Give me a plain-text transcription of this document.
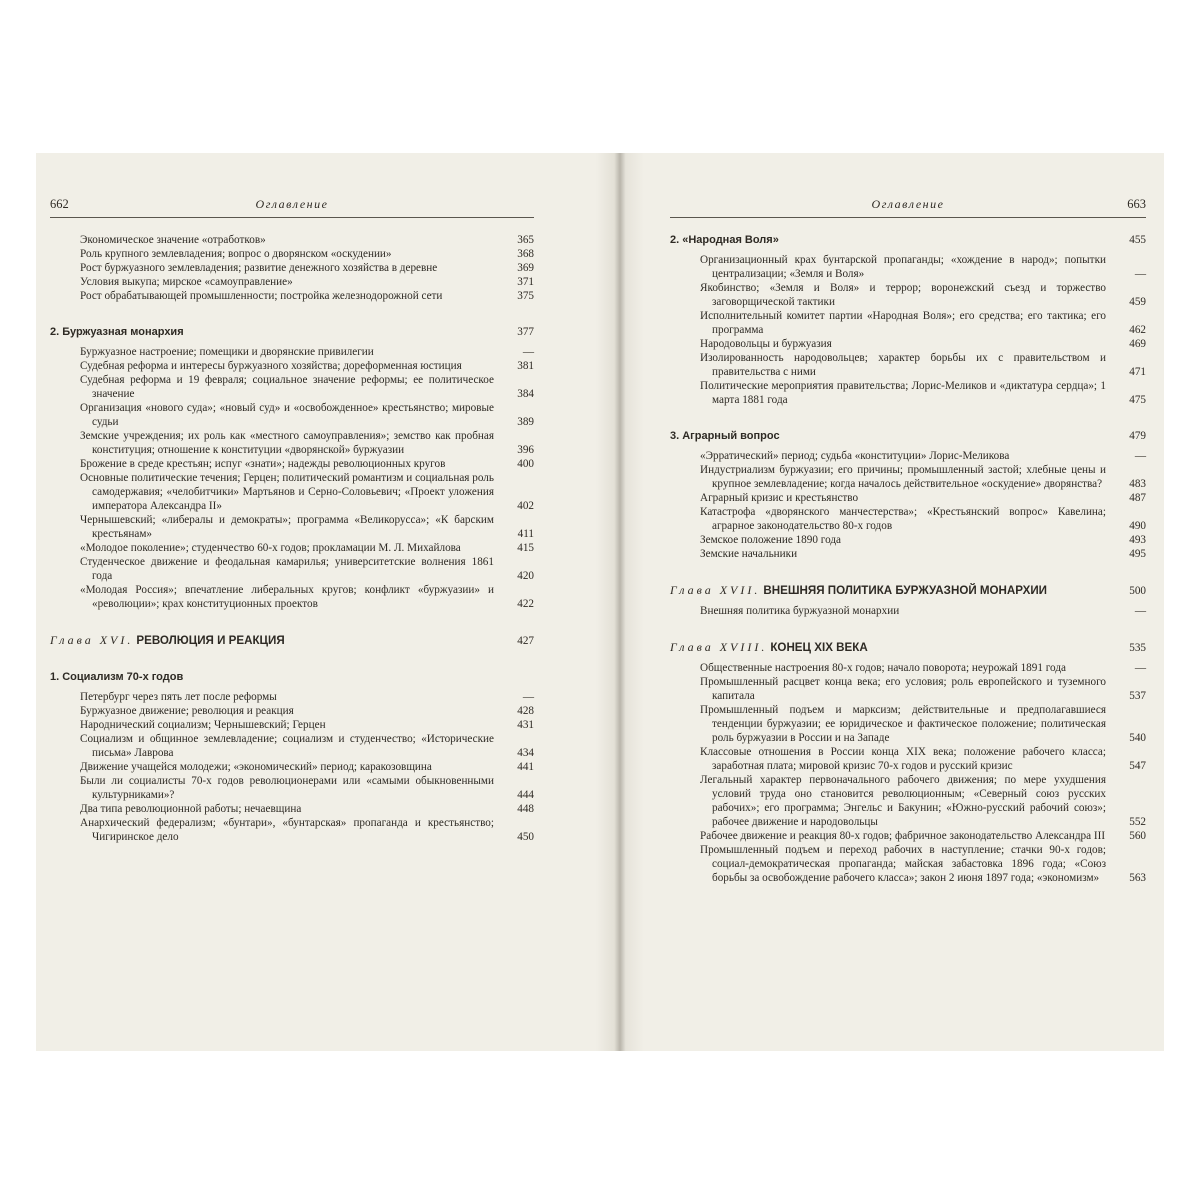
662	Оглавление
Экономическое значение «отработков»	365
Роль крупного землевладения; вопрос о дворянском «оскудении»	368
Рост буржуазного землевладения; развитие денежного хозяйства в деревне	369
Условия выкупа; мирское «самоуправление»	371
Рост обрабатывающей промышленности; постройка железнодорожной сети	375
2. Буржуазная монархия	377
Буржуазное настроение; помещики и дворянские привилегии	—
Судебная реформа и интересы буржуазного хозяйства; дореформенная юстиция	381
Судебная реформа и 19 февраля; социальное значение реформы; ее политическое значение	384
Организация «нового суда»; «новый суд» и «освобожденное» крестьянство; мировые судьи	389
Земские учреждения; их роль как «местного самоуправления»; земство как пробная конституция; отношение к конституции «дворянской» буржуазии	396
Брожение в среде крестьян; испуг «знати»; надежды революционных кругов	400
Основные политические течения; Герцен; политический романтизм и социальная роль самодержавия; «челобитчики» Мартьянов и Серно-Соловьевич; «Проект уложения императора Александра II»	402
Чернышевский; «либералы и демократы»; программа «Великорусса»; «К барским крестьянам»	411
«Молодое поколение»; студенчество 60-х годов; прокламации М. Л. Михайлова	415
Студенческое движение и феодальная камарилья; университетские волнения 1861 года	420
«Молодая Россия»; впечатление либеральных кругов; конфликт «буржуазии» и «революции»; крах конституционных проектов	422
Глава XVI. РЕВОЛЮЦИЯ И РЕАКЦИЯ	427
1. Социализм 70-х годов
Петербург через пять лет после реформы	—
Буржуазное движение; революция и реакция	428
Народнический социализм; Чернышевский; Герцен	431
Социализм и общинное землевладение; социализм и студенчество; «Исторические письма» Лаврова	434
Движение учащейся молодежи; «экономический» период; каракозовщина	441
Были ли социалисты 70-х годов революционерами или «самыми обыкновенными культурниками»?	444
Два типа революционной работы; нечаевщина	448
Анархический федерализм; «бунтари», «бунтарская» пропаганда и крестьянство; Чигиринское дело	450
Оглавление	663
2. «Народная Воля»	455
Организационный крах бунтарской пропаганды; «хождение в народ»; попытки централизации; «Земля и Воля»	—
Якобинство; «Земля и Воля» и террор; воронежский съезд и торжество заговорщической тактики	459
Исполнительный комитет партии «Народная Воля»; его средства; его тактика; его программа	462
Народовольцы и буржуазия	469
Изолированность народовольцев; характер борьбы их с правительством и правительства с ними	471
Политические мероприятия правительства; Лорис-Меликов и «диктатура сердца»; 1 марта 1881 года	475
3. Аграрный вопрос	479
«Эрратический» период; судьба «конституции» Лорис-Меликова	—
Индустриализм буржуазии; его причины; промышленный застой; хлебные цены и крупное землевладение; когда началось действительное «оскудение» дворянства?	483
Аграрный кризис и крестьянство	487
Катастрофа «дворянского манчестерства»; «Крестьянский вопрос» Кавелина; аграрное законодательство 80-х годов	490
Земское положение 1890 года	493
Земские начальники	495
Глава XVII. ВНЕШНЯЯ ПОЛИТИКА БУРЖУАЗНОЙ МОНАРХИИ	500
Внешняя политика буржуазной монархии	—
Глава XVIII. КОНЕЦ XIX ВЕКА	535
Общественные настроения 80-х годов; начало поворота; неурожай 1891 года	—
Промышленный расцвет конца века; его условия; роль европейского и туземного капитала	537
Промышленный подъем и марксизм; действительные и предполагавшиеся тенденции буржуазии; ее юридическое и фактическое положение; политическая роль буржуазии в России и на Западе	540
Классовые отношения в России конца XIX века; положение рабочего класса; заработная плата; мировой кризис 70-х годов и русский кризис	547
Легальный характер первоначального рабочего движения; по мере ухудшения условий труда оно становится революционным; «Северный союз русских рабочих»; его программа; Энгельс и Бакунин; «Южно-русский рабочий союз»; рабочее движение и народовольцы	552
Рабочее движение и реакция 80-х годов; фабричное законодательство Александра III	560
Промышленный подъем и переход рабочих в наступление; стачки 90-х годов; социал-демократическая пропаганда; майская забастовка 1896 года; «Союз борьбы за освобождение рабочего класса»; закон 2 июня 1897 года; «экономизм»	563
